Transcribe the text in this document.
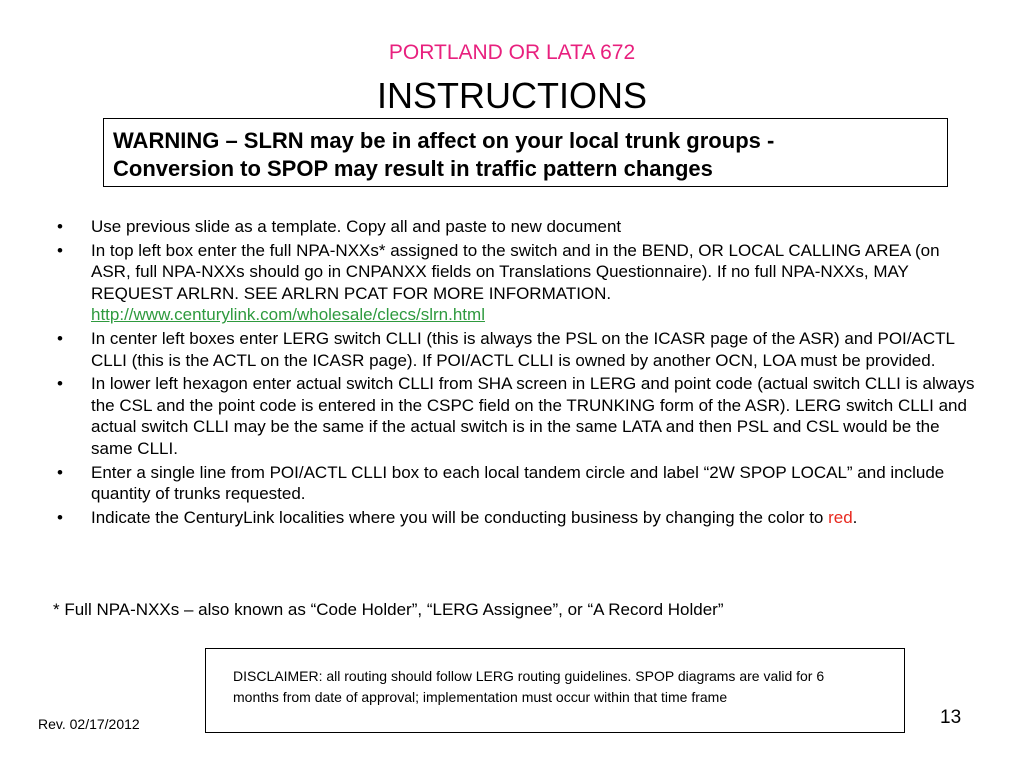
PORTLAND OR LATA 672
INSTRUCTIONS
WARNING – SLRN may be in affect on your local trunk groups -
Conversion to SPOP may result in traffic pattern changes
• Use previous slide as a template. Copy all and paste to new document
• In top left box enter the full NPA-NXXs* assigned to the switch and in the BEND, OR LOCAL CALLING AREA (on ASR, full NPA-NXXs should go in CNPANXX fields on Translations Questionnaire). If no full NPA-NXXs, MAY REQUEST ARLRN. SEE ARLRN PCAT FOR MORE INFORMATION. http://www.centurylink.com/wholesale/clecs/slrn.html
• In center left boxes enter LERG switch CLLI (this is always the PSL on the ICASR page of the ASR) and POI/ACTL CLLI (this is the ACTL on the ICASR page). If POI/ACTL CLLI is owned by another OCN, LOA must be provided.
• In lower left hexagon enter actual switch CLLI from SHA screen in LERG and point code (actual switch CLLI is always the CSL and the point code is entered in the CSPC field on the TRUNKING form of the ASR). LERG switch CLLI and actual switch CLLI may be the same if the actual switch is in the same LATA and then PSL and CSL would be the same CLLI.
• Enter a single line from POI/ACTL CLLI box to each local tandem circle and label “2W SPOP LOCAL” and include quantity of trunks requested.
• Indicate the CenturyLink localities where you will be conducting business by changing the color to red.
* Full NPA-NXXs – also known as “Code Holder”, “LERG Assignee”, or “A Record Holder”
DISCLAIMER: all routing should follow LERG routing guidelines. SPOP diagrams are valid for 6 months from date of approval; implementation must occur within that time frame
Rev. 02/17/2012	13
